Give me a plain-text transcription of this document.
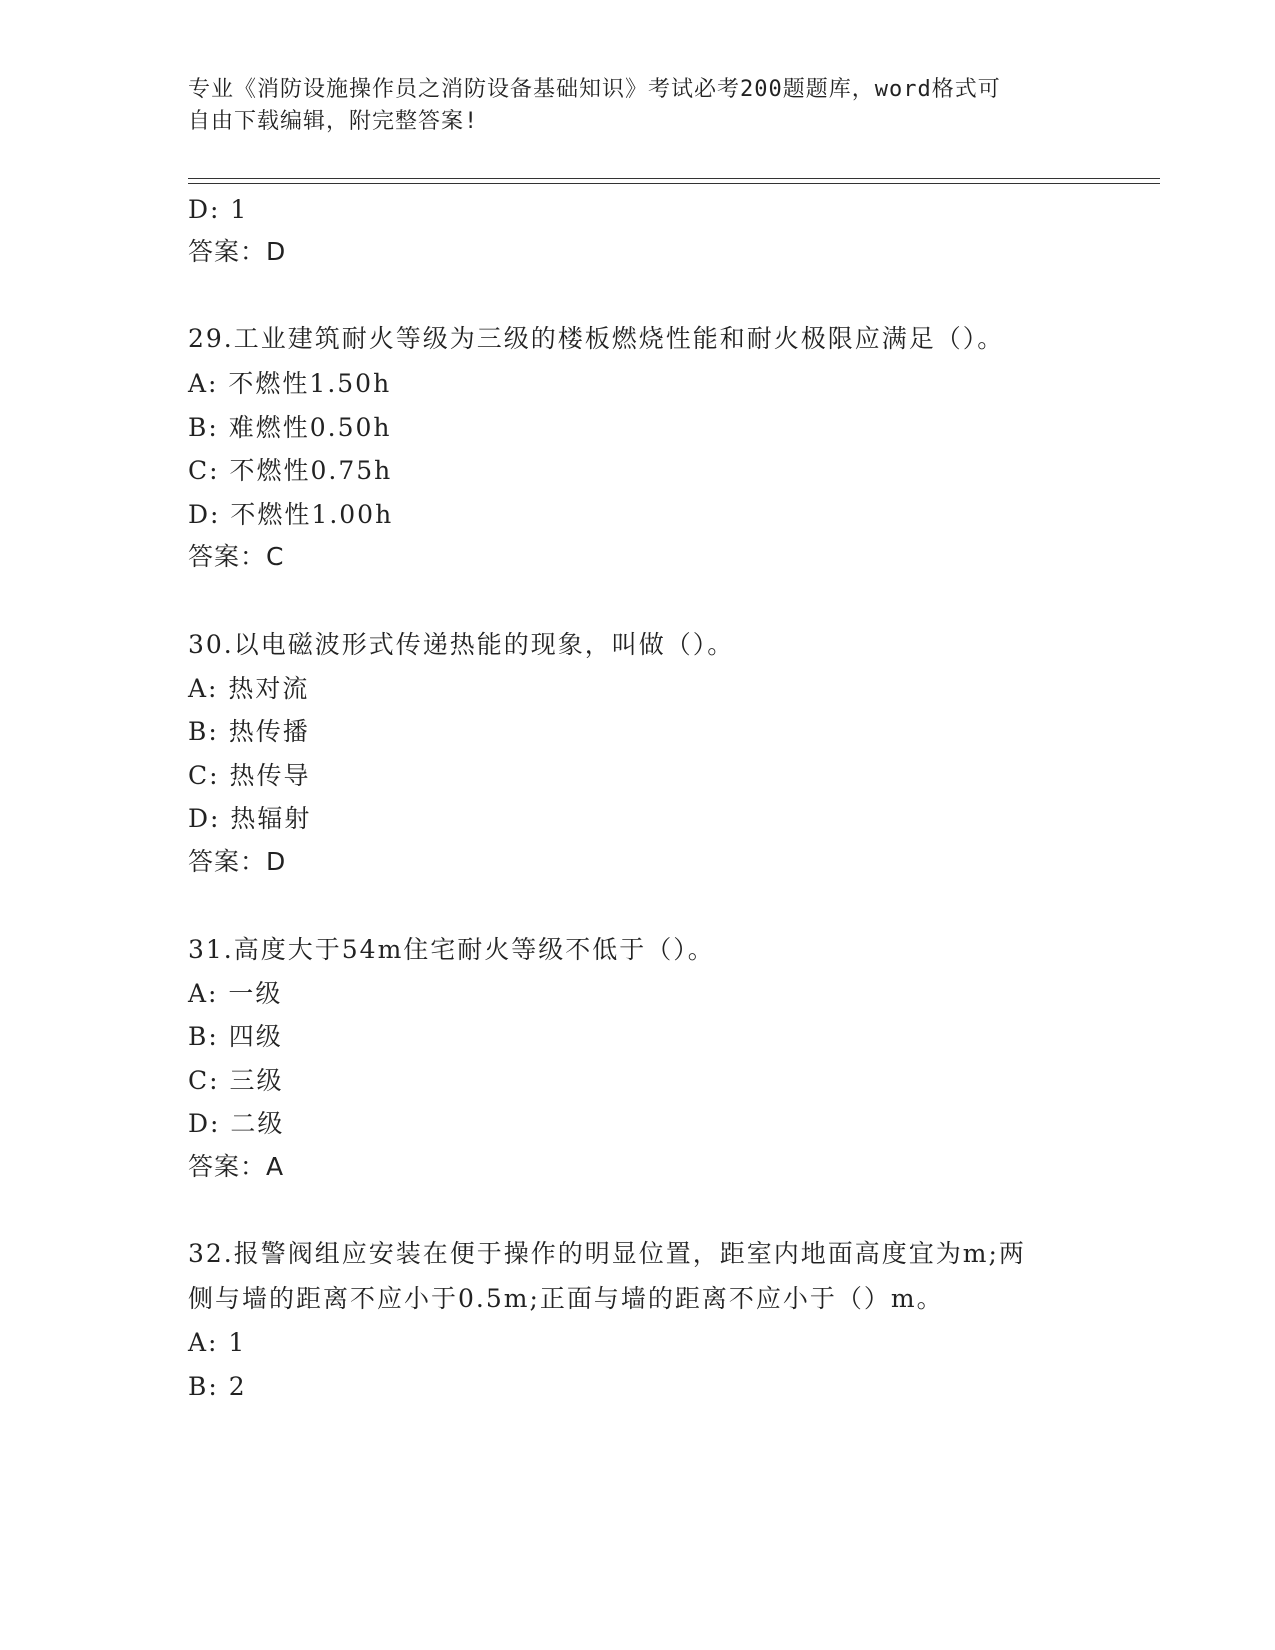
专业《消防设施操作员之消防设备基础知识》考试必考200题题库，word格式可
自由下载编辑，附完整答案!
D: 1
答案：D
29.工业建筑耐火等级为三级的楼板燃烧性能和耐火极限应满足（）。
A: 不燃性1.50h
B: 难燃性0.50h
C: 不燃性0.75h
D: 不燃性1.00h
答案：C
30.以电磁波形式传递热能的现象，叫做（）。
A: 热对流
B: 热传播
C: 热传导
D: 热辐射
答案：D
31.高度大于54m住宅耐火等级不低于（）。
A: 一级
B: 四级
C: 三级
D: 二级
答案：A
32.报警阀组应安装在便于操作的明显位置，距室内地面高度宜为m;两
侧与墙的距离不应小于0.5m;正面与墙的距离不应小于（）m。
A: 1
B: 2
